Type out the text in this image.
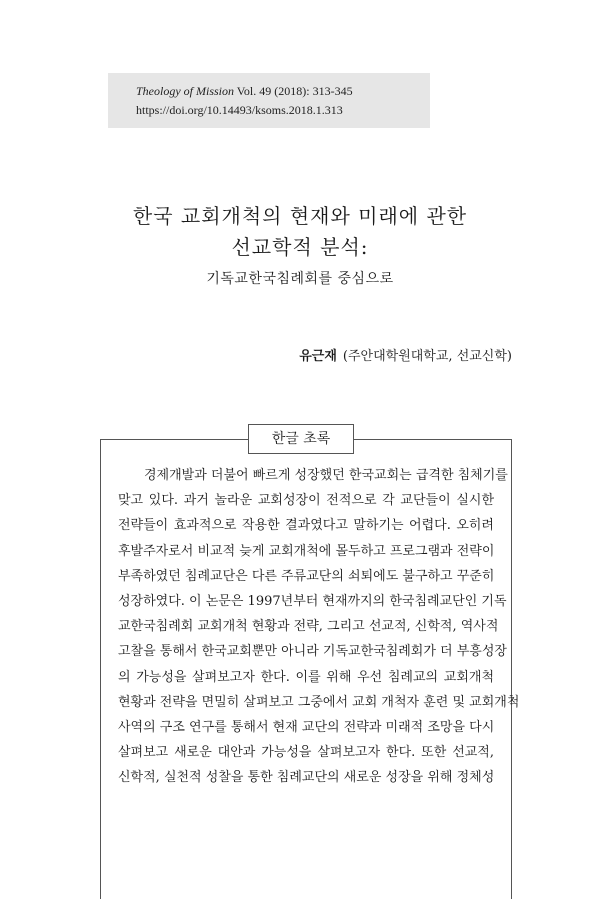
Theology of Mission Vol. 49 (2018): 313-345
https://doi.org/10.14493/ksoms.2018.1.313
한국 교회개척의 현재와 미래에 관한
선교학적 분석:
기독교한국침례회를 중심으로
유근재 (주안대학원대학교, 선교신학)
한글 초록
경제개발과 더불어 빠르게 성장했던 한국교회는 급격한 침체기를
맞고 있다. 과거 놀라운 교회성장이 전적으로 각 교단들이 실시한
전략들이 효과적으로 작용한 결과였다고 말하기는 어렵다. 오히려
후발주자로서 비교적 늦게 교회개척에 몰두하고 프로그램과 전략이
부족하였던 침례교단은 다른 주류교단의 쇠퇴에도 불구하고 꾸준히
성장하였다. 이 논문은 1997년부터 현재까지의 한국침례교단인 기독
교한국침례회 교회개척 현황과 전략, 그리고 선교적, 신학적, 역사적
고찰을 통해서 한국교회뿐만 아니라 기독교한국침례회가 더 부흥성장
의 가능성을 살펴보고자 한다. 이를 위해 우선 침례교의 교회개척
현황과 전략을 면밀히 살펴보고 그중에서 교회 개척자 훈련 및 교회개척
사역의 구조 연구를 통해서 현재 교단의 전략과 미래적 조망을 다시
살펴보고 새로운 대안과 가능성을 살펴보고자 한다. 또한 선교적,
신학적, 실천적 성찰을 통한 침례교단의 새로운 성장을 위해 정체성
